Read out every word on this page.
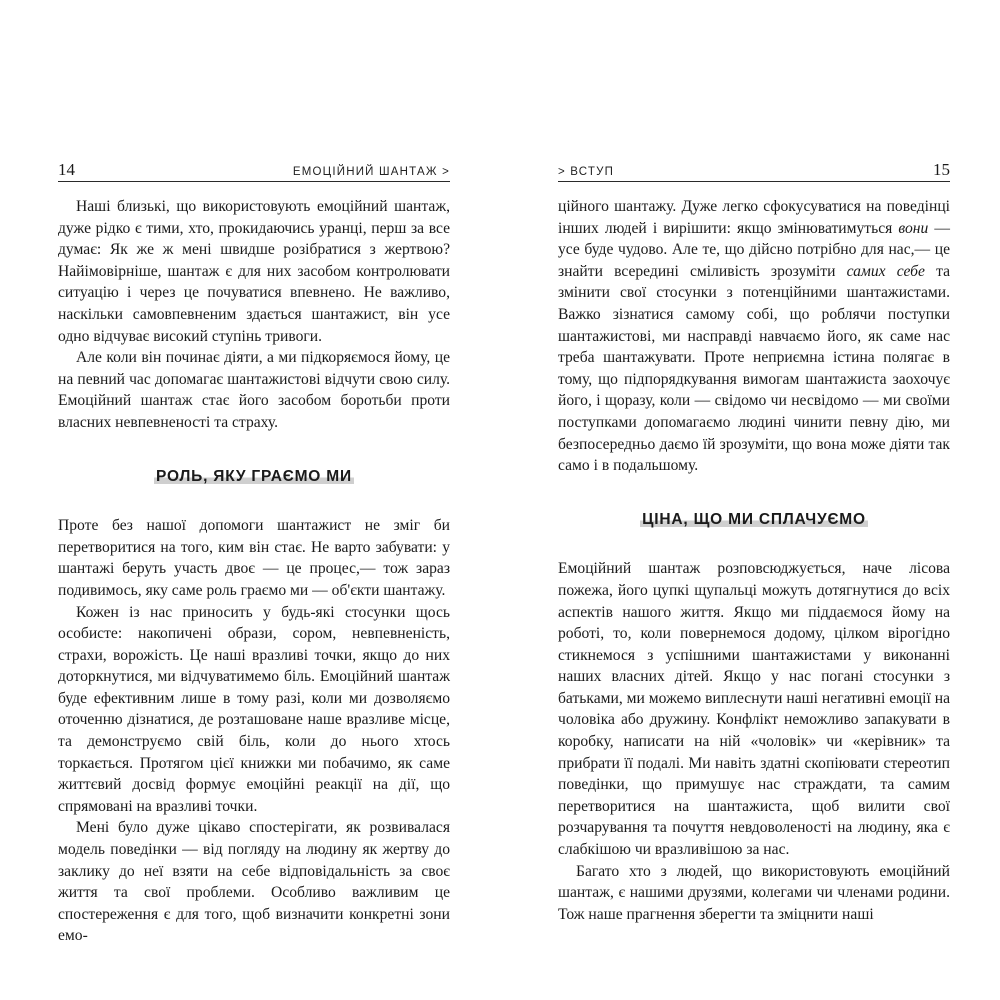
14	ЕМОЦІЙНИЙ ШАНТАЖ >

Наші близькі, що використовують емоційний шантаж, дуже рідко є тими, хто, прокидаючись уранці, перш за все думає: Як же ж мені швидше розібратися з жертвою? Найімовірніше, шантаж є для них засобом контролювати ситуацію і через це почуватися впевнено. Не важливо, наскільки самовпевненим здається шантажист, він усе одно відчуває високий ступінь тривоги.

Але коли він починає діяти, а ми підкоряємося йому, це на певний час допомагає шантажистові відчути свою силу. Емоційний шантаж стає його засобом боротьби проти власних невпевненості та страху.

РОЛЬ, ЯКУ ГРАЄМО МИ

Проте без нашої допомоги шантажист не зміг би перетворитися на того, ким він стає. Не варто забувати: у шантажі беруть участь двоє — це процес,— тож зараз подивимось, яку саме роль граємо ми — об'єкти шантажу.

Кожен із нас приносить у будь-які стосунки щось особисте: накопичені образи, сором, невпевненість, страхи, ворожість. Це наші вразливі точки, якщо до них доторкнутися, ми відчуватимемо біль. Емоційний шантаж буде ефективним лише в тому разі, коли ми дозволяємо оточенню дізнатися, де розташоване наше вразливе місце, та демонструємо свій біль, коли до нього хтось торкається. Протягом цієї книжки ми побачимо, як саме життєвий досвід формує емоційні реакції на дії, що спрямовані на вразливі точки.

Мені було дуже цікаво спостерігати, як розвивалася модель поведінки — від погляду на людину як жертву до заклику до неї взяти на себе відповідальність за своє життя та свої проблеми. Особливо важливим це спостереження є для того, щоб визначити конкретні зони емо-

> ВСТУП	15

ційного шантажу. Дуже легко сфокусуватися на поведінці інших людей і вирішити: якщо змінюватимуться вони — усе буде чудово. Але те, що дійсно потрібно для нас,— це знайти всередині сміливість зрозуміти самих себе та змінити свої стосунки з потенційними шантажистами. Важко зізнатися самому собі, що роблячи поступки шантажистові, ми насправді навчаємо його, як саме нас треба шантажувати. Проте неприємна істина полягає в тому, що підпорядкування вимогам шантажиста заохочує його, і щоразу, коли — свідомо чи несвідомо — ми своїми поступками допомагаємо людині чинити певну дію, ми безпосередньо даємо їй зрозуміти, що вона може діяти так само і в подальшому.

ЦІНА, ЩО МИ СПЛАЧУЄМО

Емоційний шантаж розповсюджується, наче лісова пожежа, його цупкі щупальці можуть дотягнутися до всіх аспектів нашого життя. Якщо ми піддаємося йому на роботі, то, коли повернемося додому, цілком вірогідно стикнемося з успішними шантажистами у виконанні наших власних дітей. Якщо у нас погані стосунки з батьками, ми можемо виплеснути наші негативні емоції на чоловіка або дружину. Конфлікт неможливо запакувати в коробку, написати на ній «чоловік» чи «керівник» та прибрати її подалі. Ми навіть здатні скопіювати стереотип поведінки, що примушує нас страждати, та самим перетворитися на шантажиста, щоб вилити свої розчарування та почуття невдоволеності на людину, яка є слабкішою чи вразливішою за нас.

Багато хто з людей, що використовують емоційний шантаж, є нашими друзями, колегами чи членами родини. Тож наше прагнення зберегти та зміцнити наші
